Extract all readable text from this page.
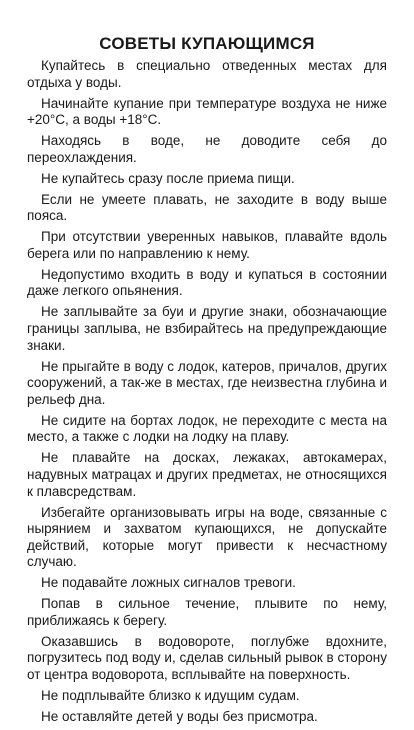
СОВЕТЫ КУПАЮЩИМСЯ
Купайтесь в специально отведенных местах для отдыха у воды.
Начинайте купание при температуре воздуха не ниже +20°С, а воды +18°С.
Находясь в воде, не доводите себя до переохлаждения.
Не купайтесь сразу после приема пищи.
Если не умеете плавать, не заходите в воду выше пояса.
При отсутствии уверенных навыков, плавайте вдоль берега или по направлению к нему.
Недопустимо входить в воду и купаться в состоянии даже легкого опьянения.
Не заплывайте за буи и другие знаки, обозначающие границы заплыва, не взбирайтесь на предупреждающие знаки.
Не прыгайте в воду с лодок, катеров, причалов, других сооружений, а так-же в местах, где неизвестна глубина и рельеф дна.
Не сидите на бортах лодок, не переходите с места на место, а также с лодки на лодку на плаву.
Не плавайте на досках, лежаках, автокамерах, надувных матрацах и других предметах, не относящихся к плавсредствам.
Избегайте организовывать игры на воде, связанные с нырянием и захватом купающихся, не допускайте действий, которые могут привести к несчастному случаю.
Не подавайте ложных сигналов тревоги.
Попав в сильное течение, плывите по нему, приближаясь к берегу.
Оказавшись в водовороте, поглубже вдохните, погрузитесь под воду и, сделав сильный рывок в сторону от центра водоворота, всплывайте на поверхность.
Не подплывайте близко к идущим судам.
Не оставляйте детей у воды без присмотра.
